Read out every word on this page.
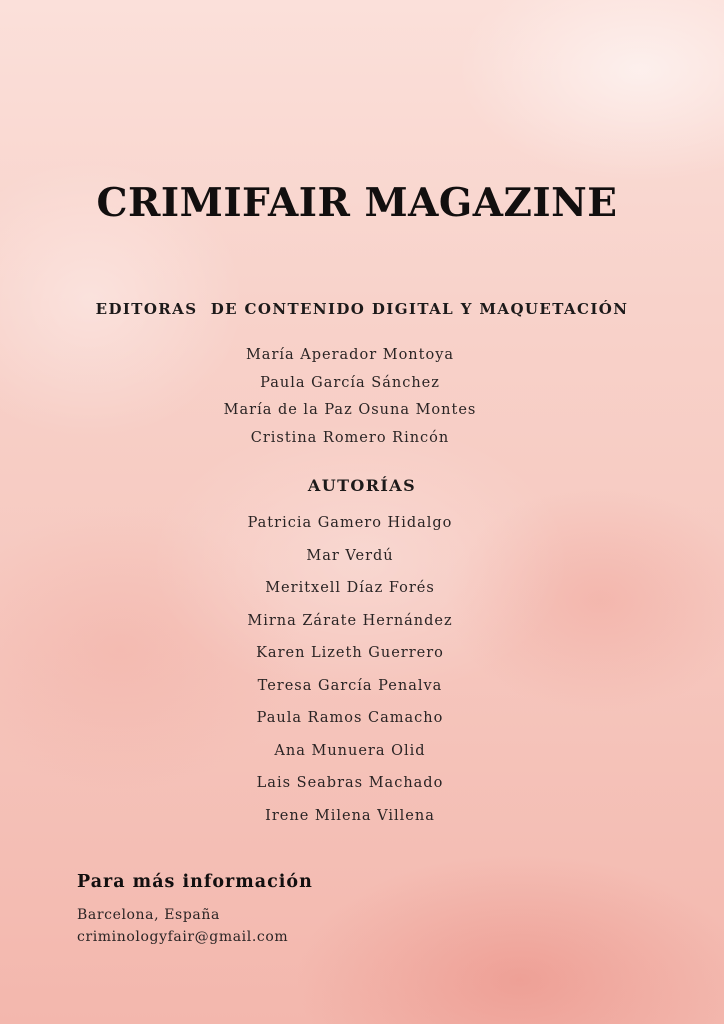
CRIMIFAIR MAGAZINE
EDITORAS  DE CONTENIDO DIGITAL Y MAQUETACIÓN
María Aperador Montoya
Paula García Sánchez
María de la Paz Osuna Montes
Cristina Romero Rincón
AUTORÍAS
Patricia Gamero Hidalgo
Mar Verdú
Meritxell Díaz Forés
Mirna Zárate Hernández
Karen Lizeth Guerrero
Teresa García Penalva
Paula Ramos Camacho
Ana Munuera Olid
Lais Seabras Machado
Irene Milena Villena
Para más información

Barcelona, España

criminologyfair@gmail.com
